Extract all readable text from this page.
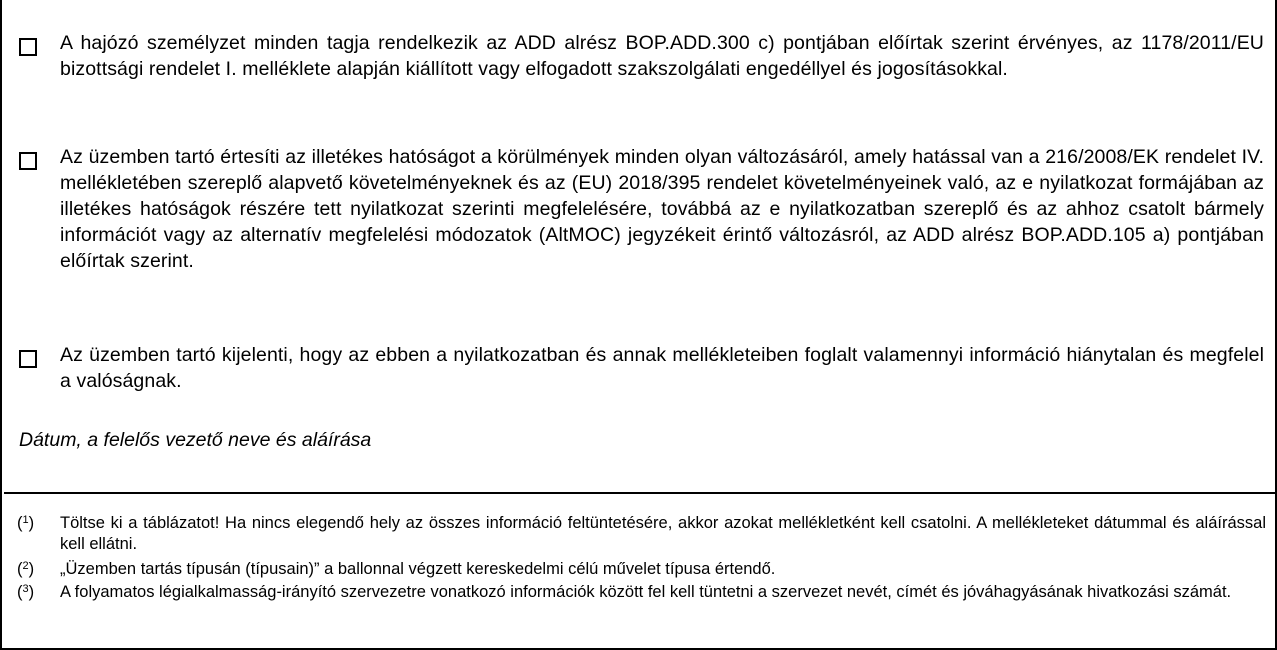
A hajózó személyzet minden tagja rendelkezik az ADD alrész BOP.ADD.300 c) pontjában előírtak szerint érvényes, az 1178/2011/EU bizottsági rendelet I. melléklete alapján kiállított vagy elfogadott szakszolgálati engedéllyel és jogosításokkal.
Az üzemben tartó értesíti az illetékes hatóságot a körülmények minden olyan változásáról, amely hatással van a 216/2008/EK rendelet IV. mellékletében szereplő alapvető követelményeknek és az (EU) 2018/395 rendelet követelményeinek való, az e nyilatkozat formájában az illetékes hatóságok részére tett nyilatkozat szerinti megfelelésére, továbbá az e nyilatkozatban szereplő és az ahhoz csatolt bármely információt vagy az alternatív megfelelési módozatok (AltMOC) jegyzékeit érintő változásról, az ADD alrész BOP.ADD.105 a) pontjában előírtak szerint.
Az üzemben tartó kijelenti, hogy az ebben a nyilatkozatban és annak mellékleteiben foglalt valamennyi információ hiánytalan és megfelel a valóságnak.
Dátum, a felelős vezető neve és aláírása
($^1$) Töltse ki a táblázatot! Ha nincs elegendő hely az összes információ feltüntetésére, akkor azokat mellékletként kell csatolni. A mellékleteket dátummal és aláírással kell ellátni.
($^2$) „Üzemben tartás típusán (típusain)” a ballonnal végzett kereskedelmi célú művelet típusa értendő.
($^3$) A folyamatos légialkalmasság-irányító szervezetre vonatkozó információk között fel kell tüntetni a szervezet nevét, címét és jóváhagyásának hivatkozási számát.
